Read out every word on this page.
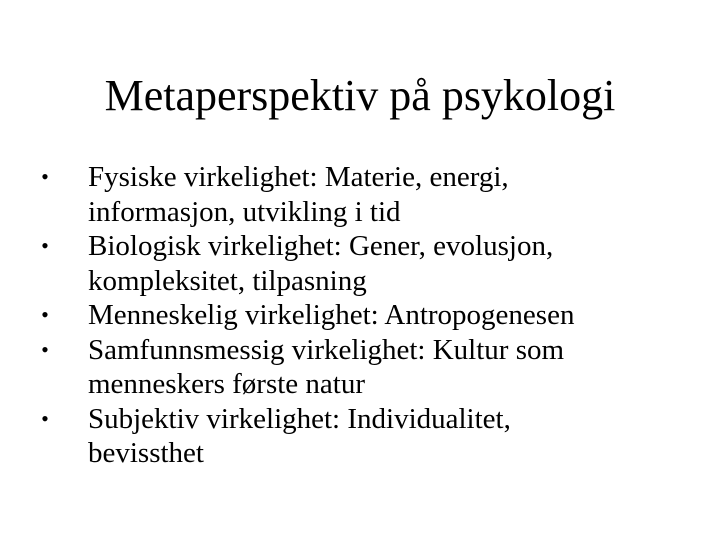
Metaperspektiv på psykologi
• Fysiske virkelighet: Materie, energi,
informasjon, utvikling i tid
• Biologisk virkelighet: Gener, evolusjon,
kompleksitet, tilpasning
• Menneskelig virkelighet: Antropogenesen
• Samfunnsmessig virkelighet: Kultur som
menneskers første natur
• Subjektiv virkelighet: Individualitet,
bevissthet
